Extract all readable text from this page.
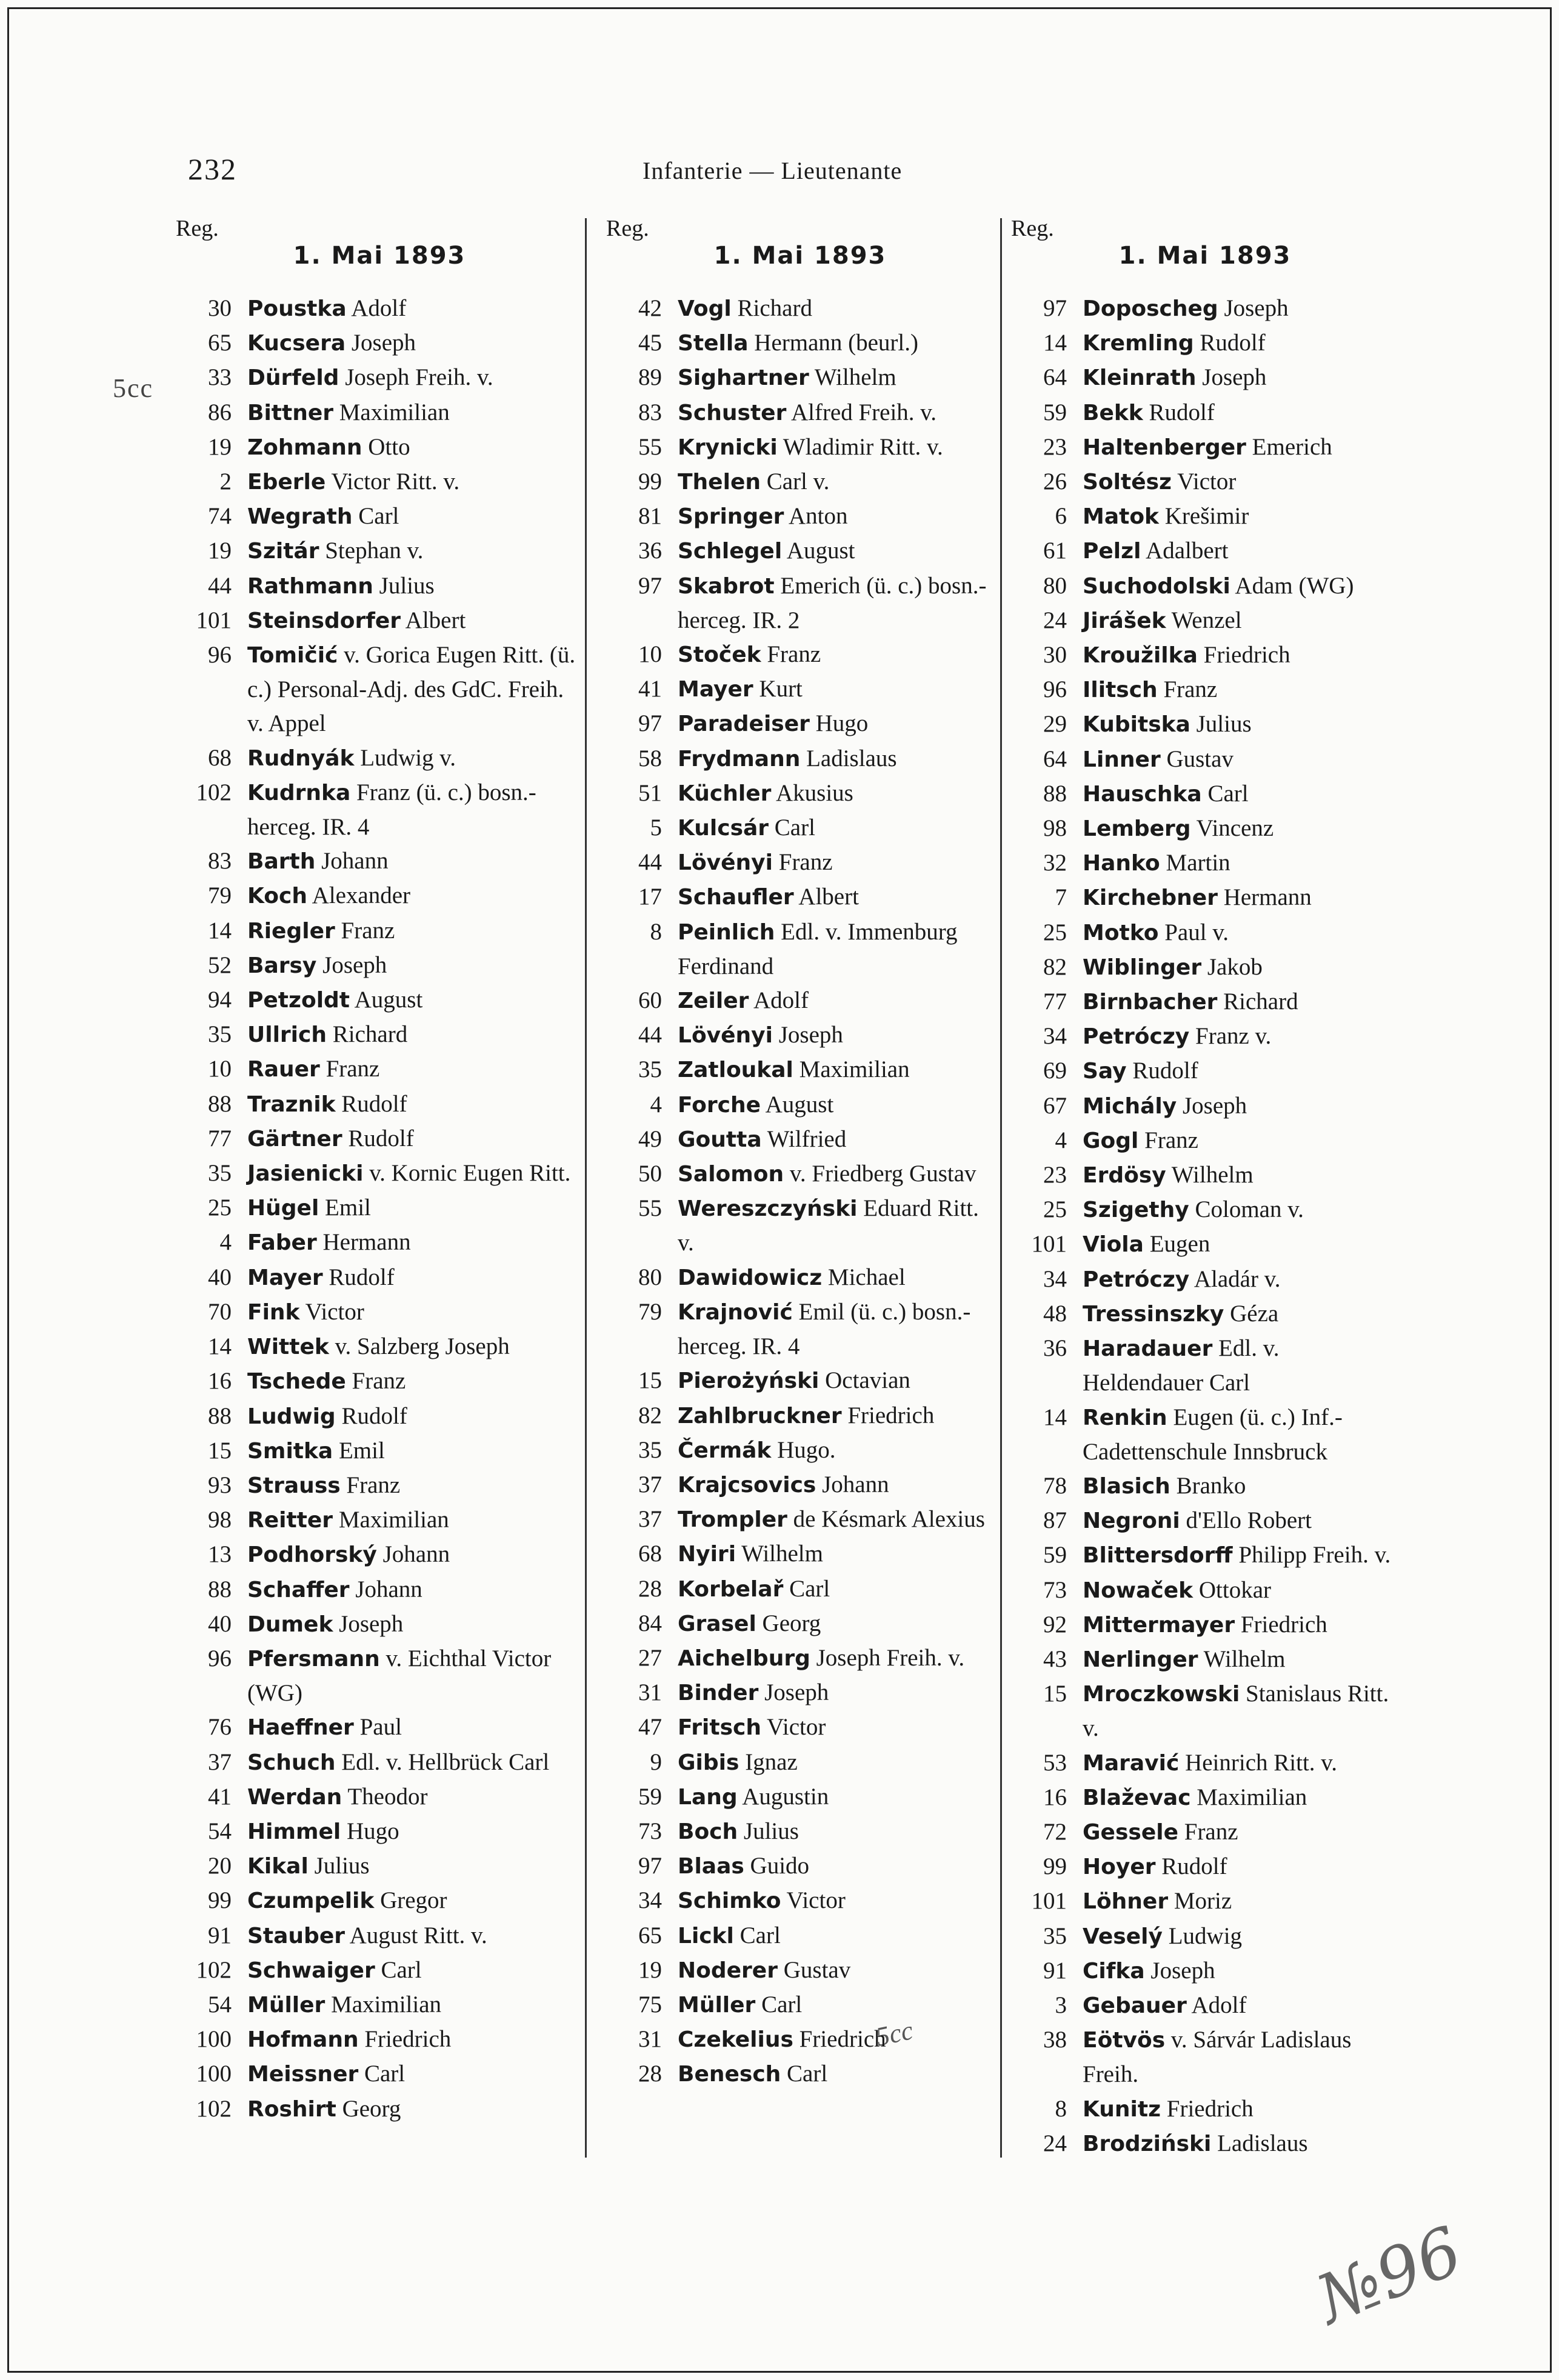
232	Infanterie — Lieutenante
5cc
5cc
№96
Reg.
1. Mai 1893
30 Poustka Adolf
65 Kucsera Joseph
33 Dürfeld Joseph Freih. v.
86 Bittner Maximilian
19 Zohmann Otto
2 Eberle Victor Ritt. v.
74 Wegrath Carl
19 Szitár Stephan v.
44 Rathmann Julius
101 Steinsdorfer Albert
96 Tomičić v. Gorica Eugen Ritt. (ü. c.) Personal-Adj. des GdC. Freih. v. Appel
68 Rudnyák Ludwig v.
102 Kudrnka Franz (ü. c.) bosn.-herceg. IR. 4
83 Barth Johann
79 Koch Alexander
14 Riegler Franz
52 Barsy Joseph
94 Petzoldt August
35 Ullrich Richard
10 Rauer Franz
88 Traznik Rudolf
77 Gärtner Rudolf
35 Jasienicki v. Kornic Eugen Ritt.
25 Hügel Emil
4 Faber Hermann
40 Mayer Rudolf
70 Fink Victor
14 Wittek v. Salzberg Joseph
16 Tschede Franz
88 Ludwig Rudolf
15 Smitka Emil
93 Strauss Franz
98 Reitter Maximilian
13 Podhorský Johann
88 Schaffer Johann
40 Dumek Joseph
96 Pfersmann v. Eichthal Victor (WG)
76 Haeffner Paul
37 Schuch Edl. v. Hellbrück Carl
41 Werdan Theodor
54 Himmel Hugo
20 Kikal Julius
99 Czumpelik Gregor
91 Stauber August Ritt. v.
102 Schwaiger Carl
54 Müller Maximilian
100 Hofmann Friedrich
100 Meissner Carl
102 Roshirt Georg
Reg.
1. Mai 1893
42 Vogl Richard
45 Stella Hermann (beurl.)
89 Sighartner Wilhelm
83 Schuster Alfred Freih. v.
55 Krynicki Wladimir Ritt. v.
99 Thelen Carl v.
81 Springer Anton
36 Schlegel August
97 Skabrot Emerich (ü. c.) bosn.-herceg. IR. 2
10 Stoček Franz
41 Mayer Kurt
97 Paradeiser Hugo
58 Frydmann Ladislaus
51 Küchler Akusius
5 Kulcsár Carl
44 Lövényi Franz
17 Schaufler Albert
8 Peinlich Edl. v. Immenburg Ferdinand
60 Zeiler Adolf
44 Lövényi Joseph
35 Zatloukal Maximilian
4 Forche August
49 Goutta Wilfried
50 Salomon v. Friedberg Gustav
55 Wereszczyński Eduard Ritt. v.
80 Dawidowicz Michael
79 Krajnović Emil (ü. c.) bosn.-herceg. IR. 4
15 Pierożyński Octavian
82 Zahlbruckner Friedrich
35 Čermák Hugo.
37 Krajcsovics Johann
37 Trompler de Késmark Alexius
68 Nyiri Wilhelm
28 Korbelař Carl
84 Grasel Georg
27 Aichelburg Joseph Freih. v.
31 Binder Joseph
47 Fritsch Victor
9 Gibis Ignaz
59 Lang Augustin
73 Boch Julius
97 Blaas Guido
34 Schimko Victor
65 Lickl Carl
19 Noderer Gustav
75 Müller Carl
31 Czekelius Friedrich
28 Benesch Carl
Reg.
1. Mai 1893
97 Doposcheg Joseph
14 Kremling Rudolf
64 Kleinrath Joseph
59 Bekk Rudolf
23 Haltenberger Emerich
26 Soltész Victor
6 Matok Krešimir
61 Pelzl Adalbert
80 Suchodolski Adam (WG)
24 Jirášek Wenzel
30 Kroužilka Friedrich
96 Ilitsch Franz
29 Kubitska Julius
64 Linner Gustav
88 Hauschka Carl
98 Lemberg Vincenz
32 Hanko Martin
7 Kirchebner Hermann
25 Motko Paul v.
82 Wiblinger Jakob
77 Birnbacher Richard
34 Petróczy Franz v.
69 Say Rudolf
67 Michály Joseph
4 Gogl Franz
23 Erdösy Wilhelm
25 Szigethy Coloman v.
101 Viola Eugen
34 Petróczy Aladár v.
48 Tressinszky Géza
36 Haradauer Edl. v. Heldendauer Carl
14 Renkin Eugen (ü. c.) Inf.-Cadettenschule Innsbruck
78 Blasich Branko
87 Negroni d'Ello Robert
59 Blittersdorff Philipp Freih. v.
73 Nowaček Ottokar
92 Mittermayer Friedrich
43 Nerlinger Wilhelm
15 Mroczkowski Stanislaus Ritt. v.
53 Maravić Heinrich Ritt. v.
16 Blaževac Maximilian
72 Gessele Franz
99 Hoyer Rudolf
101 Löhner Moriz
35 Veselý Ludwig
91 Cifka Joseph
3 Gebauer Adolf
38 Eötvös v. Sárvár Ladislaus Freih.
8 Kunitz Friedrich
24 Brodziński Ladislaus
